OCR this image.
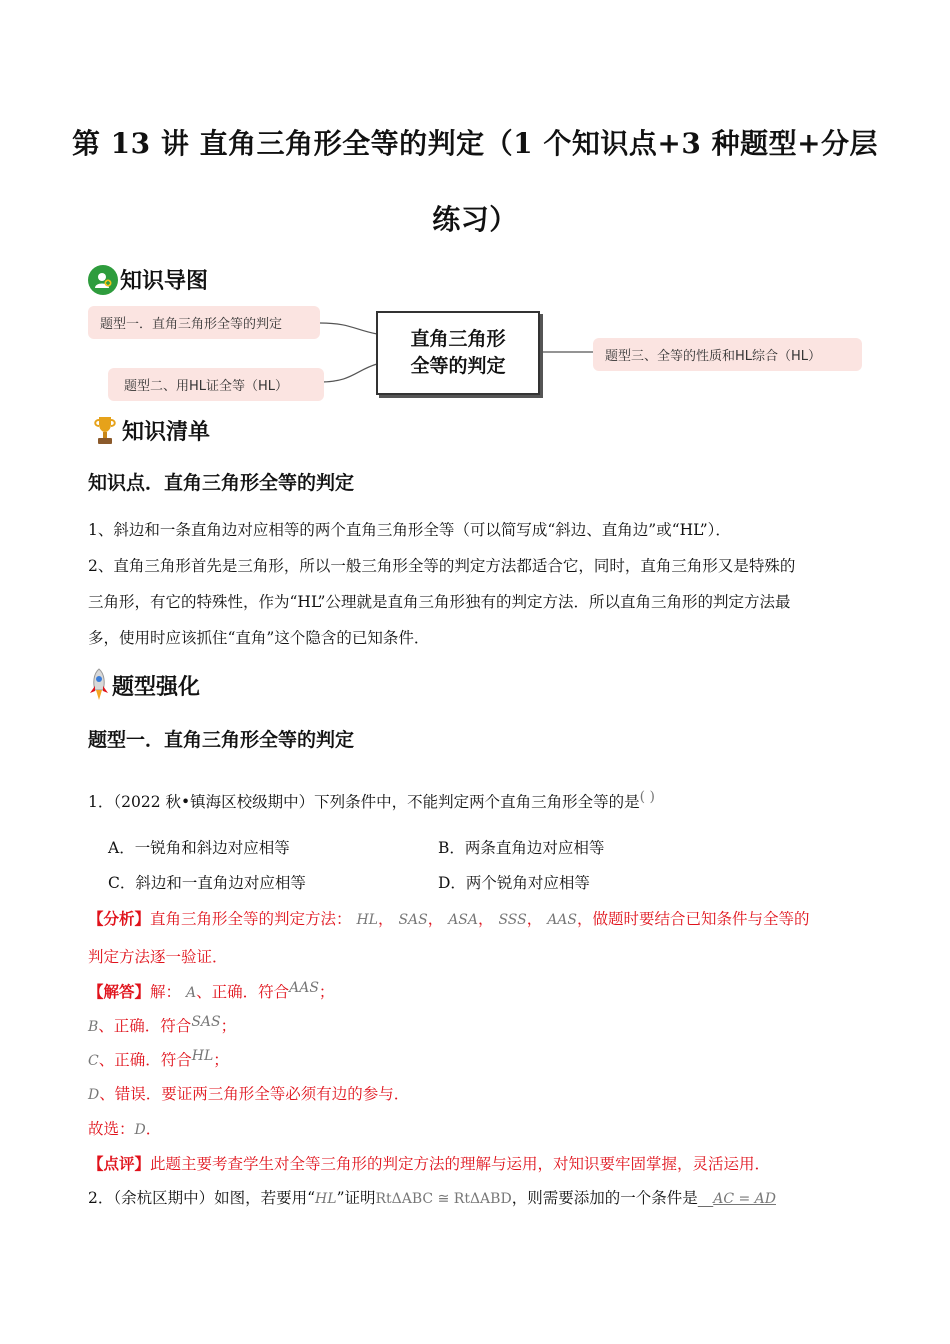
第 13 讲 直角三角形全等的判定（1 个知识点+3 种题型+分层
练习）
知识导图
题型一．直角三角形全等的判定
题型二、用HL证全等（HL）
题型三、全等的性质和HL综合（HL）
直角三角形
全等的判定
知识清单
知识点．直角三角形全等的判定
1、斜边和一条直角边对应相等的两个直角三角形全等（可以简写成“斜边、直角边”或“HL”）．
2、直角三角形首先是三角形，所以一般三角形全等的判定方法都适合它，同时，直角三角形又是特殊的
三角形，有它的特殊性，作为“HL”公理就是直角三角形独有的判定方法．所以直角三角形的判定方法最
多，使用时应该抓住“直角”这个隐含的已知条件．
题型强化
题型一．直角三角形全等的判定
1．（2022 秋•镇海区校级期中）下列条件中，不能判定两个直角三角形全等的是( )
A．一锐角和斜边对应相等	B．两条直角边对应相等
C．斜边和一直角边对应相等	D．两个锐角对应相等
【分析】直角三角形全等的判定方法： HL， SAS， ASA， SSS， AAS，做题时要结合已知条件与全等的
判定方法逐一验证．
【解答】解： A、正确．符合AAS；
B、正确．符合SAS；
C、正确．符合HL；
D、错误．要证两三角形全等必须有边的参与．
故选：D．
【点评】此题主要考查学生对全等三角形的判定方法的理解与运用，对知识要牢固掌握，灵活运用．
2．（余杭区期中）如图，若要用“HL”证明RtΔABC ≅ RtΔABD，则需要添加的一个条件是__AC = AD
